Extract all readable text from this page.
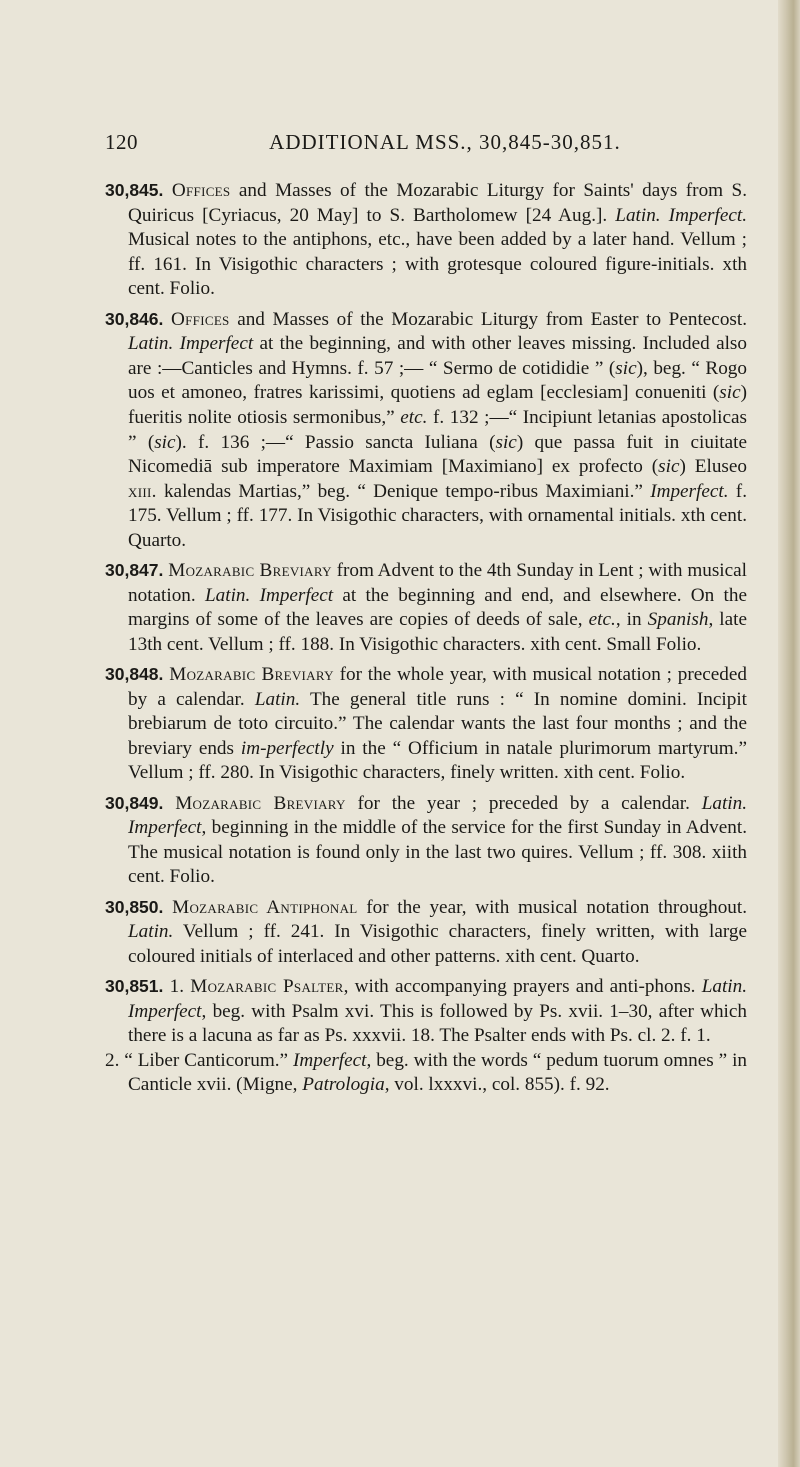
120	ADDITIONAL MSS., 30,845-30,851.

30,845. Offices and Masses of the Mozarabic Liturgy for Saints' days from S. Quiricus [Cyriacus, 20 May] to S. Bartholomew [24 Aug.]. Latin. Imperfect. Musical notes to the antiphons, etc., have been added by a later hand. Vellum ; ff. 161. In Visigothic characters ; with grotesque coloured figure-initials. xth cent. Folio.

30,846. Offices and Masses of the Mozarabic Liturgy from Easter to Pentecost. Latin. Imperfect at the beginning, and with other leaves missing. Included also are :—Canticles and Hymns. f. 57 ;— “ Sermo de cotididie ” (sic), beg. “ Rogo uos et amoneo, fratres karissimi, quotiens ad eglam [ecclesiam] conueniti (sic) fueritis nolite otiosis sermonibus,” etc. f. 132 ;—“ Incipiunt letanias apostolicas ” (sic). f. 136 ;—“ Passio sancta Iuliana (sic) que passa fuit in ciuitate Nicomediā sub imperatore Maximiam [Maximiano] ex profecto (sic) Eluseo xiii. kalendas Martias,” beg. “ Denique tempo-ribus Maximiani.” Imperfect. f. 175. Vellum ; ff. 177. In Visigothic characters, with ornamental initials. xth cent. Quarto.

30,847. Mozarabic Breviary from Advent to the 4th Sunday in Lent ; with musical notation. Latin. Imperfect at the beginning and end, and elsewhere. On the margins of some of the leaves are copies of deeds of sale, etc., in Spanish, late 13th cent. Vellum ; ff. 188. In Visigothic characters. xith cent. Small Folio.

30,848. Mozarabic Breviary for the whole year, with musical notation ; preceded by a calendar. Latin. The general title runs : “ In nomine domini. Incipit brebiarum de toto circuito.” The calendar wants the last four months ; and the breviary ends im-perfectly in the “ Officium in natale plurimorum martyrum.” Vellum ; ff. 280. In Visigothic characters, finely written. xith cent. Folio.

30,849. Mozarabic Breviary for the year ; preceded by a calendar. Latin. Imperfect, beginning in the middle of the service for the first Sunday in Advent. The musical notation is found only in the last two quires. Vellum ; ff. 308. xiith cent. Folio.

30,850. Mozarabic Antiphonal for the year, with musical notation throughout. Latin. Vellum ; ff. 241. In Visigothic characters, finely written, with large coloured initials of interlaced and other patterns. xith cent. Quarto.

30,851. 1. Mozarabic Psalter, with accompanying prayers and anti-phons. Latin. Imperfect, beg. with Psalm xvi. This is followed by Ps. xvii. 1–30, after which there is a lacuna as far as Ps. xxxvii. 18. The Psalter ends with Ps. cl. 2. f. 1.

2. “ Liber Canticorum.” Imperfect, beg. with the words “ pedum tuorum omnes ” in Canticle xvii. (Migne, Patrologia, vol. lxxxvi., col. 855). f. 92.
